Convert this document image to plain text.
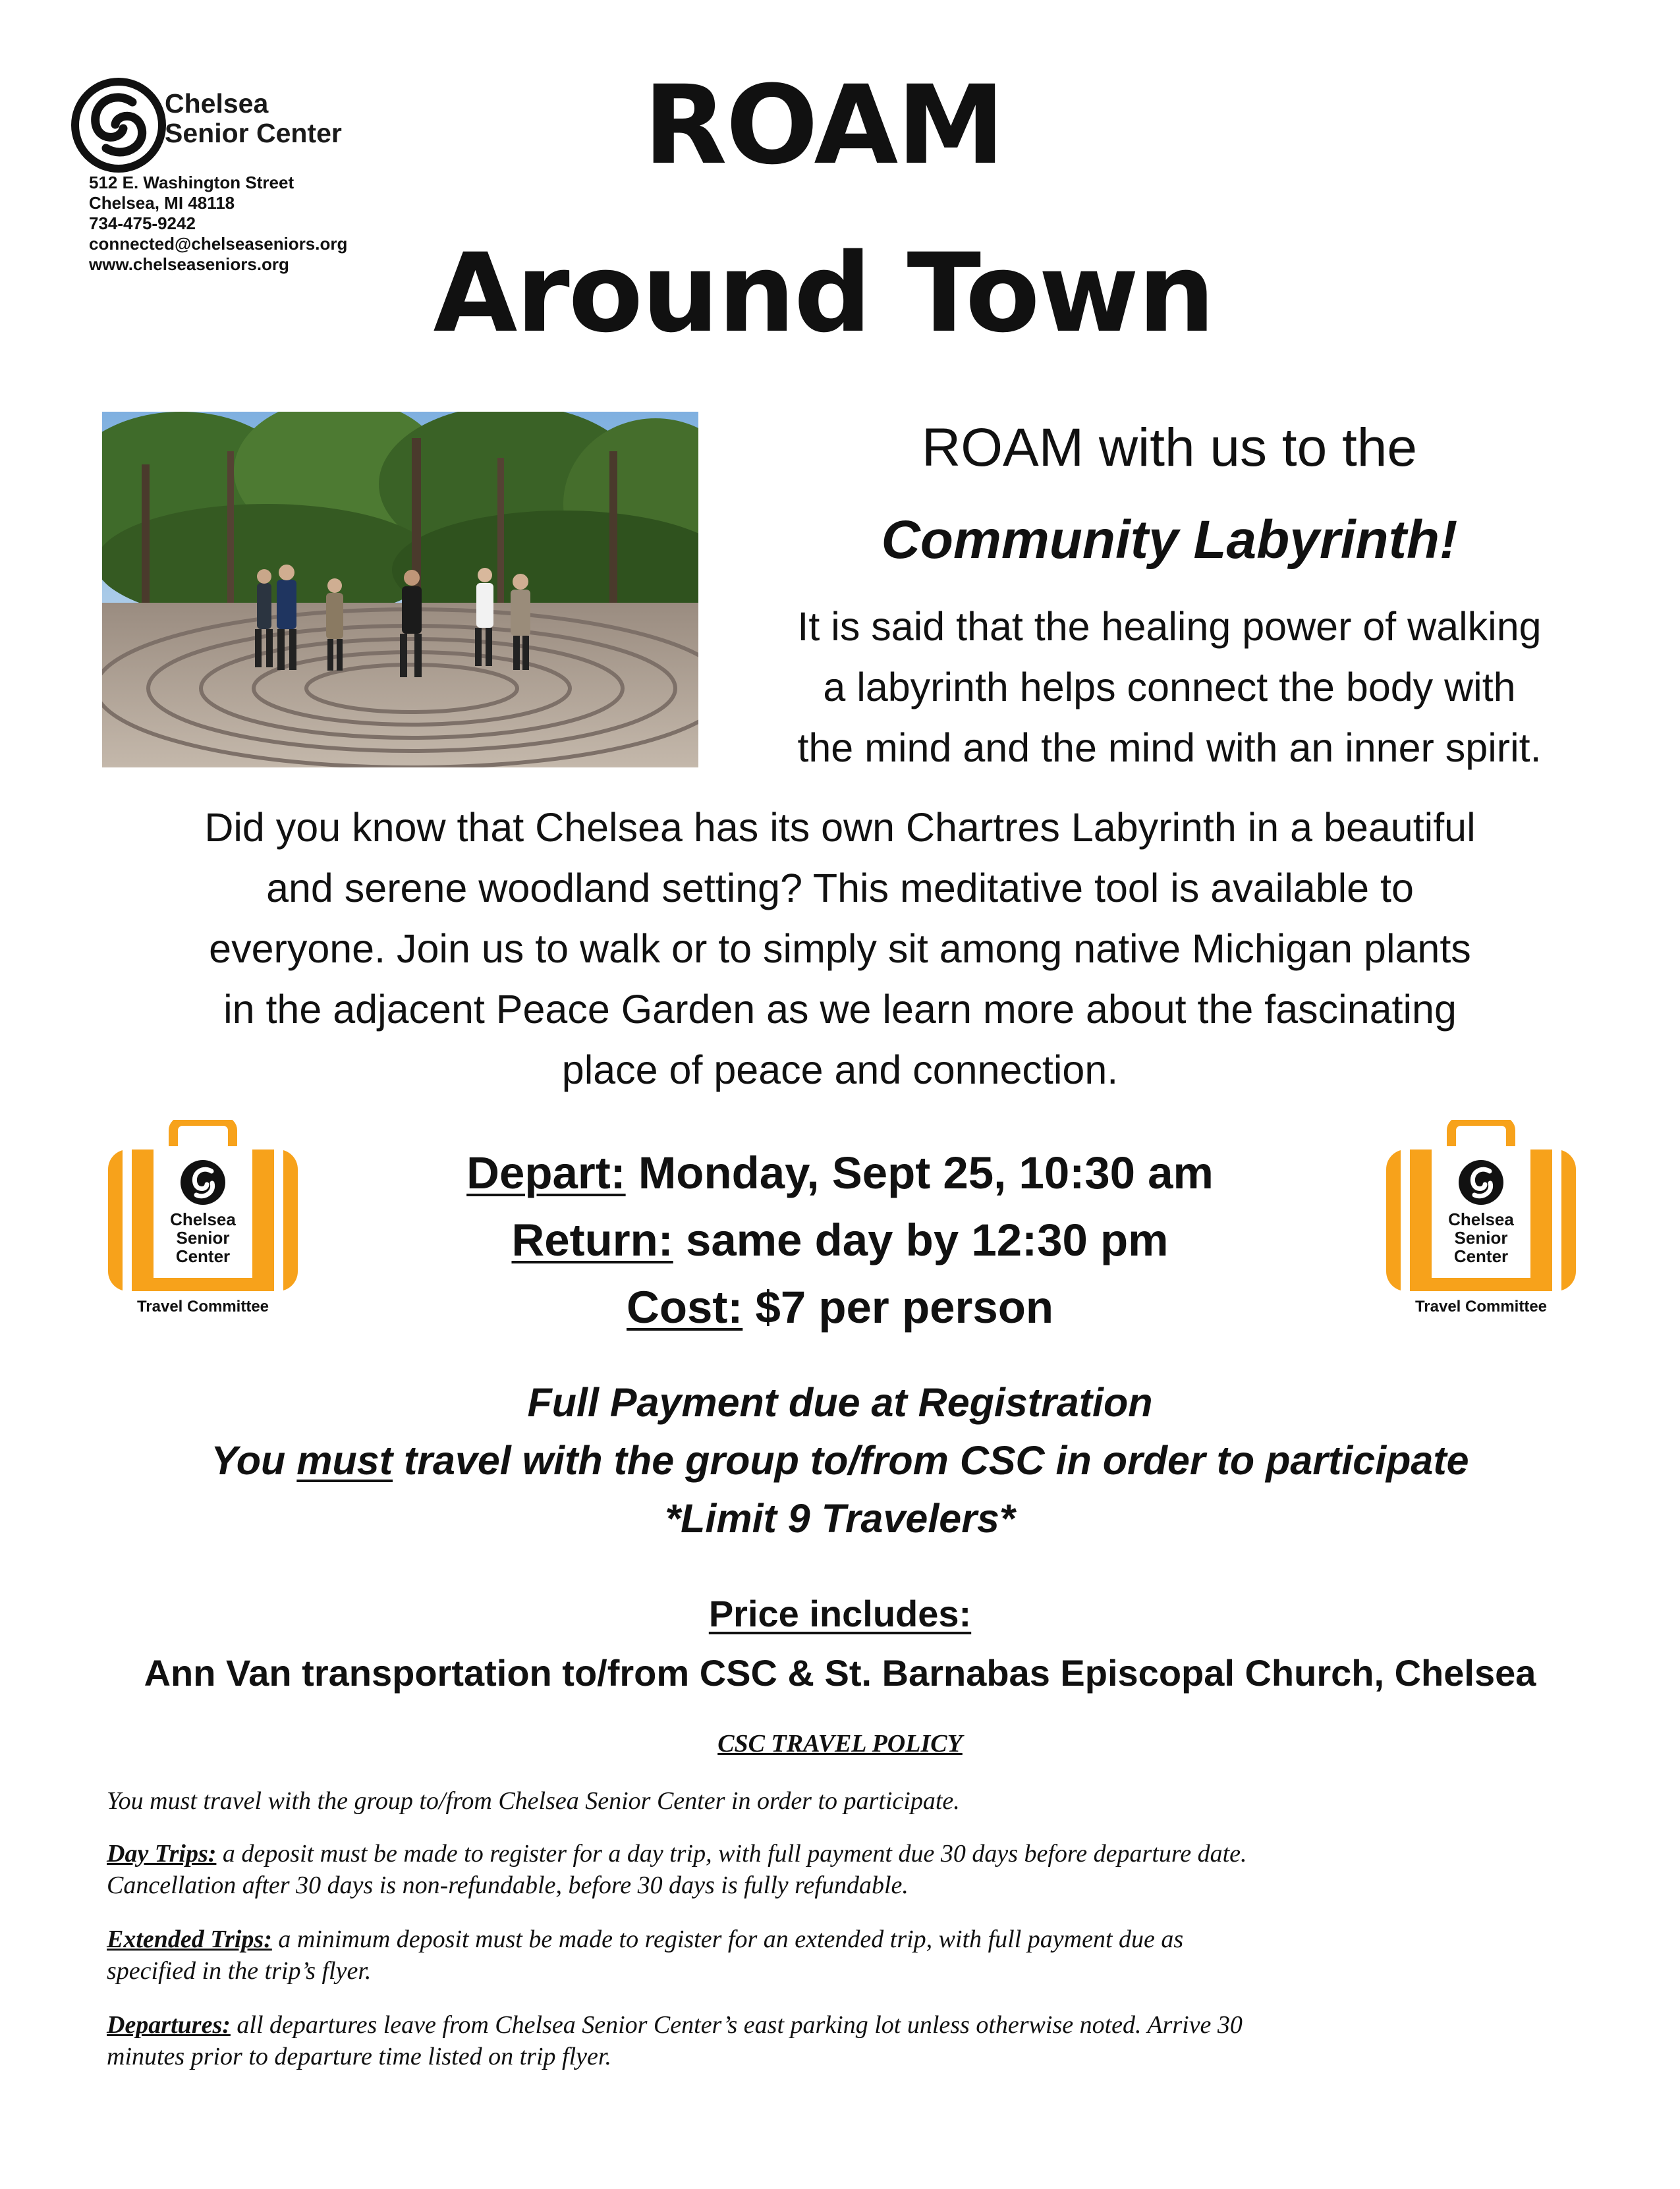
Chelsea
Senior Center
512 E. Washington Street
Chelsea, MI 48118
734-475-9242
connected@chelseaseniors.org
www.chelseaseniors.org
ROAM
Around Town
ROAM with us to the
Community Labyrinth!
It is said that the healing power of walking
a labyrinth helps connect the body with
the mind and the mind with an inner spirit.
Did you know that Chelsea has its own Chartres Labyrinth in a beautiful
and serene woodland setting? This meditative tool is available to
everyone. Join us to walk or to simply sit among native Michigan plants
in the adjacent Peace Garden as we learn more about the fascinating
place of peace and connection.
Chelsea
Senior
Center
Travel Committee
Chelsea
Senior
Center
Travel Committee
Depart: Monday, Sept 25, 10:30 am
Return: same day by 12:30 pm
Cost: $7 per person
Full Payment due at Registration
You must travel with the group to/from CSC in order to participate
*Limit 9 Travelers*
Price includes:
Ann Van transportation to/from CSC & St. Barnabas Episcopal Church, Chelsea
CSC TRAVEL POLICY
You must travel with the group to/from Chelsea Senior Center in order to participate.
Day Trips: a deposit must be made to register for a day trip, with full payment due 30 days before departure date.
Cancellation after 30 days is non-refundable, before 30 days is fully refundable.
Extended Trips: a minimum deposit must be made to register for an extended trip, with full payment due as
specified in the trip’s flyer.
Departures: all departures leave from Chelsea Senior Center’s east parking lot unless otherwise noted. Arrive 30
minutes prior to departure time listed on trip flyer.
